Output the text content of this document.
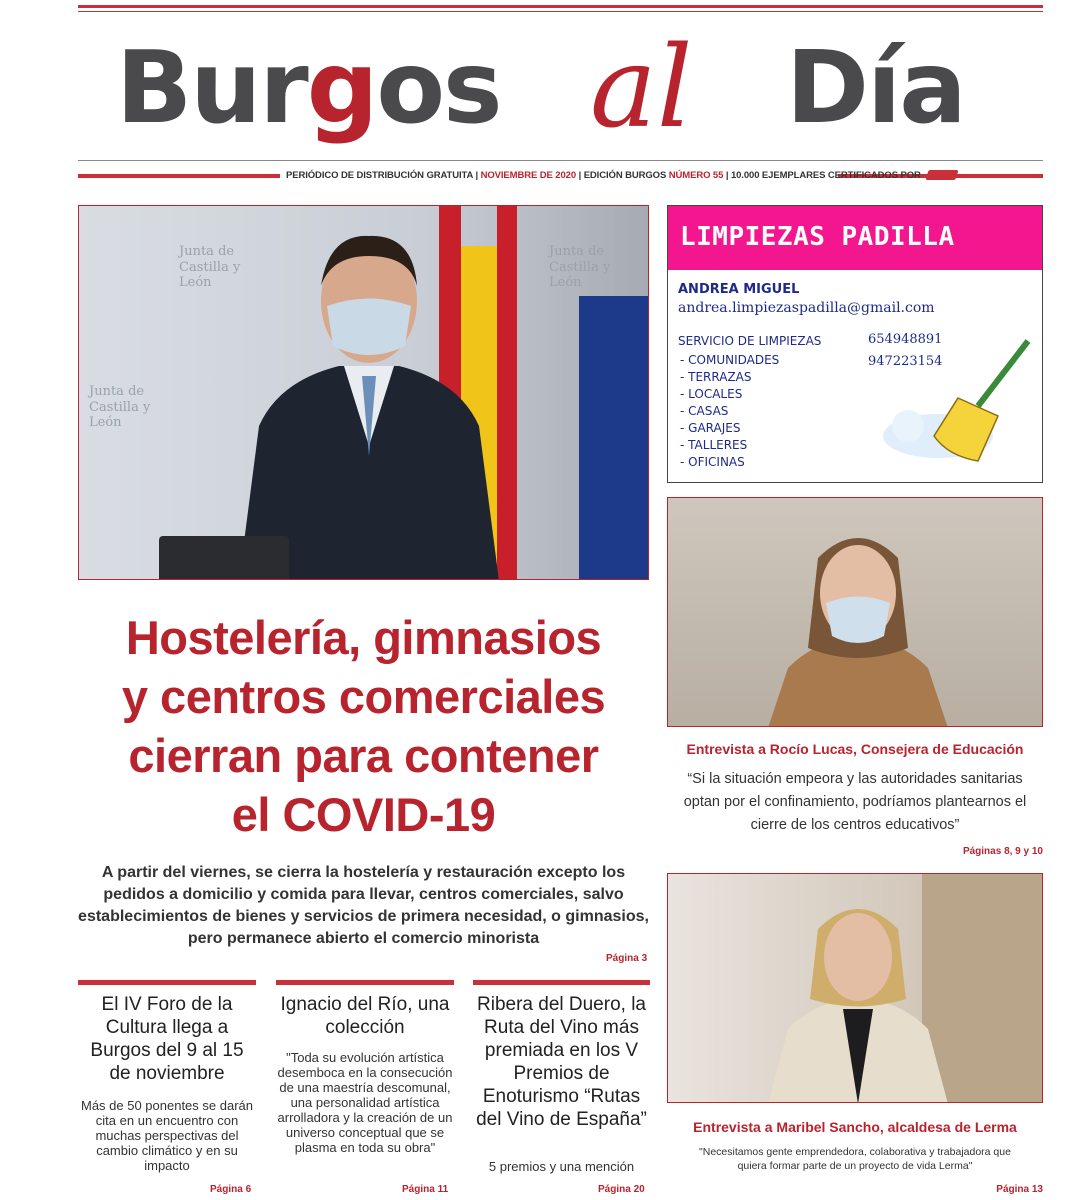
Burgos al Día
PERIÓDICO DE DISTRIBUCIÓN GRATUITA | NOVIEMBRE DE 2020 | EDICIÓN BURGOS NÚMERO 55 | 10.000 EJEMPLARES CERTIFICADOS POR
Junta de Castilla y León
Junta de Castilla y León
Junta de Castilla y León
LIMPIEZAS PADILLA
ANDREA MIGUEL
andrea.limpiezaspadilla@gmail.com
SERVICIO DE LIMPIEZAS	654948891
947223154
- COMUNIDADES
- TERRAZAS
- LOCALES
- CASAS
- GARAJES
- TALLERES
- OFICINAS
Entrevista a Rocío Lucas, Consejera de Educación
“Si la situación empeora y las autoridades sanitarias optan por el confinamiento, podríamos plantearnos el cierre de los centros educativos”
Páginas 8, 9 y 10
Entrevista a Maribel Sancho, alcaldesa de Lerma
"Necesitamos gente emprendedora, colaborativa y trabajadora que quiera formar parte de un proyecto de vida Lerma"
Página 13
Hostelería, gimnasios
y centros comerciales
cierran para contener
el COVID-19

A partir del viernes, se cierra la hostelería y restauración excepto los pedidos a domicilio y comida para llevar, centros comerciales, salvo establecimientos de bienes y servicios de primera necesidad, o gimnasios, pero permanece abierto el comercio minorista

Página 3
El IV Foro de la Cultura llega a Burgos del 9 al 15 de noviembre
Más de 50 ponentes se darán cita en un encuentro con muchas perspectivas del cambio climático y en su impacto
Página 6
Ignacio del Río, una colección
"Toda su evolución artística desemboca en la consecución de una maestría descomunal, una personalidad artística arrolladora y la creación de un universo conceptual que se plasma en toda su obra"
Página 11
Ribera del Duero, la Ruta del Vino más premiada en los V Premios de Enoturismo “Rutas del Vino de España”
5 premios y una mención
Página 20
